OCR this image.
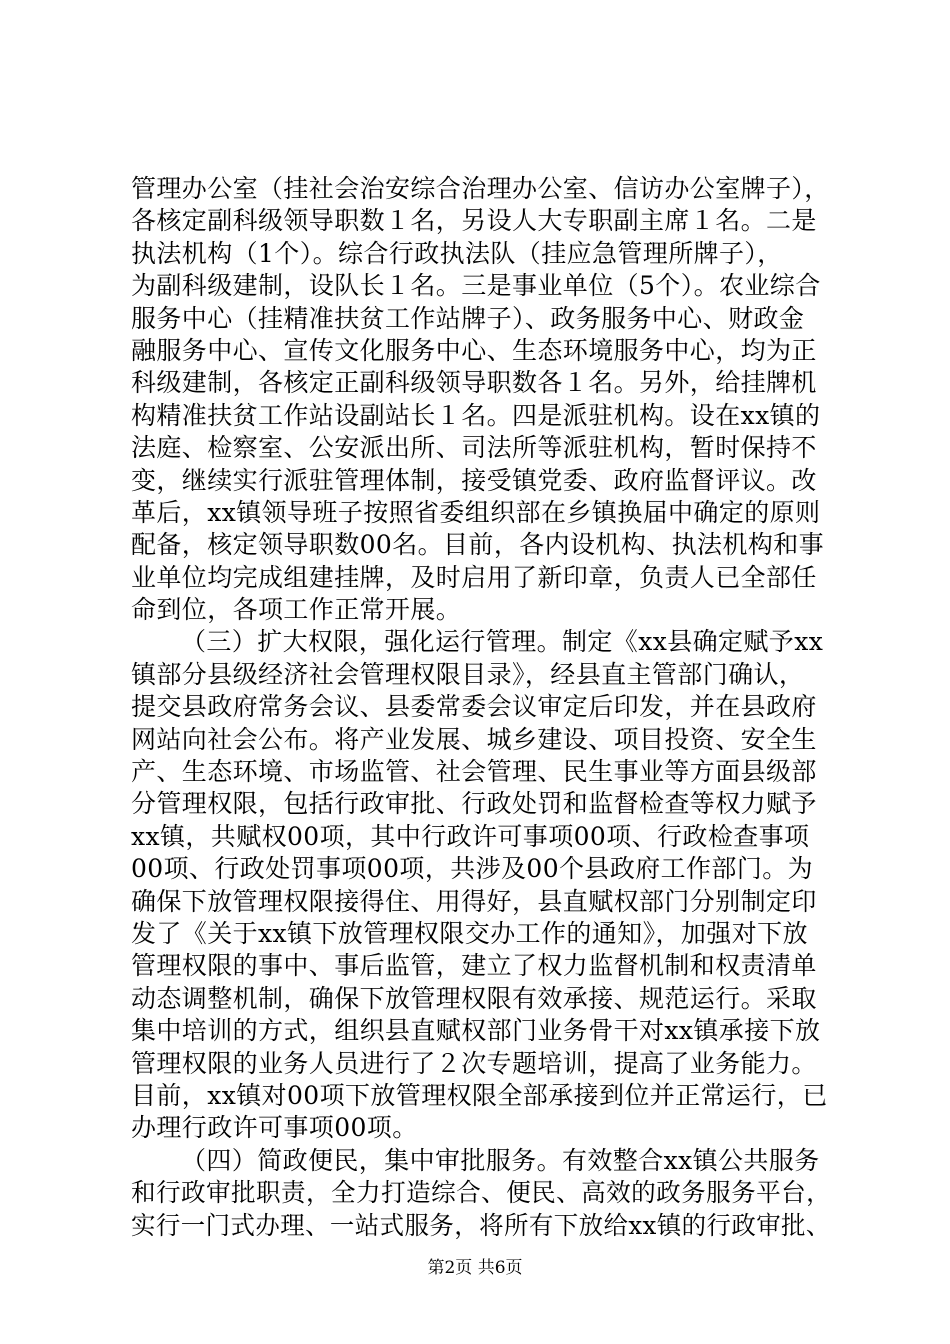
管理办公室（挂社会治安综合治理办公室、信访办公室牌子），
各核定副科级领导职数１名，另设人大专职副主席１名。二是
执法机构（1个）。综合行政执法队（挂应急管理所牌子），
为副科级建制，设队长１名。三是事业单位（5个）。农业综合
服务中心（挂精准扶贫工作站牌子）、政务服务中心、财政金
融服务中心、宣传文化服务中心、生态环境服务中心，均为正
科级建制，各核定正副科级领导职数各１名。另外，给挂牌机
构精准扶贫工作站设副站长１名。四是派驻机构。设在xx镇的
法庭、检察室、公安派出所、司法所等派驻机构，暂时保持不
变，继续实行派驻管理体制，接受镇党委、政府监督评议。改
革后，xx镇领导班子按照省委组织部在乡镇换届中确定的原则
配备，核定领导职数00名。目前，各内设机构、执法机构和事
业单位均完成组建挂牌，及时启用了新印章，负责人已全部任
命到位，各项工作正常开展。
（三）扩大权限，强化运行管理。制定《xx县确定赋予xx
镇部分县级经济社会管理权限目录》，经县直主管部门确认，
提交县政府常务会议、县委常委会议审定后印发，并在县政府
网站向社会公布。将产业发展、城乡建设、项目投资、安全生
产、生态环境、市场监管、社会管理、民生事业等方面县级部
分管理权限，包括行政审批、行政处罚和监督检查等权力赋予
xx镇，共赋权00项，其中行政许可事项00项、行政检查事项
00项、行政处罚事项00项，共涉及00个县政府工作部门。为
确保下放管理权限接得住、用得好，县直赋权部门分别制定印
发了《关于xx镇下放管理权限交办工作的通知》，加强对下放
管理权限的事中、事后监管，建立了权力监督机制和权责清单
动态调整机制，确保下放管理权限有效承接、规范运行。采取
集中培训的方式，组织县直赋权部门业务骨干对xx镇承接下放
管理权限的业务人员进行了２次专题培训，提高了业务能力。
目前，xx镇对00项下放管理权限全部承接到位并正常运行，已
办理行政许可事项00项。
（四）简政便民，集中审批服务。有效整合xx镇公共服务
和行政审批职责，全力打造综合、便民、高效的政务服务平台，
实行一门式办理、一站式服务，将所有下放给xx镇的行政审批、
第2页 共6页
